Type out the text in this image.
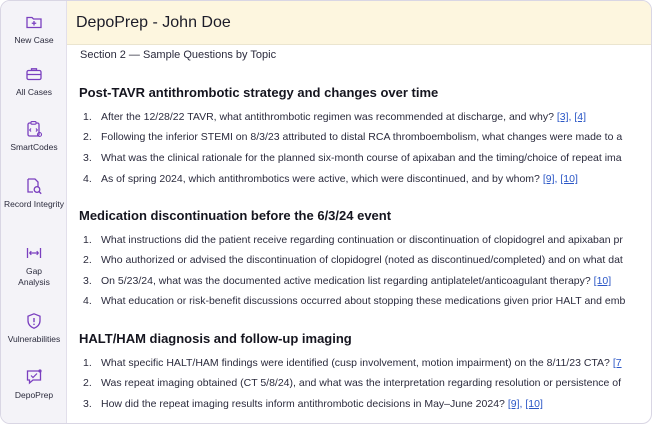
New Case
All Cases
SmartCodes
Record Integrity
Gap Analysis
Vulnerabilities
DepoPrep
DepoPrep - John Doe
Section 2 — Sample Questions by Topic
Post-TAVR antithrombotic strategy and changes over time
1. After the 12/28/22 TAVR, what antithrombotic regimen was recommended at discharge, and why? [3], [4]
2. Following the inferior STEMI on 8/3/23 attributed to distal RCA thromboembolism, what changes were made to a
3. What was the clinical rationale for the planned six-month course of apixaban and the timing/choice of repeat ima
4. As of spring 2024, which antithrombotics were active, which were discontinued, and by whom? [9], [10]
Medication discontinuation before the 6/3/24 event
1. What instructions did the patient receive regarding continuation or discontinuation of clopidogrel and apixaban pr
2. Who authorized or advised the discontinuation of clopidogrel (noted as discontinued/completed) and on what dat
3. On 5/23/24, what was the documented active medication list regarding antiplatelet/anticoagulant therapy? [10]
4. What education or risk-benefit discussions occurred about stopping these medications given prior HALT and emb
HALT/HAM diagnosis and follow-up imaging
1. What specific HALT/HAM findings were identified (cusp involvement, motion impairment) on the 8/11/23 CTA? [7
2. Was repeat imaging obtained (CT 5/8/24), and what was the interpretation regarding resolution or persistence of
3. How did the repeat imaging results inform antithrombotic decisions in May–June 2024? [9], [10]
